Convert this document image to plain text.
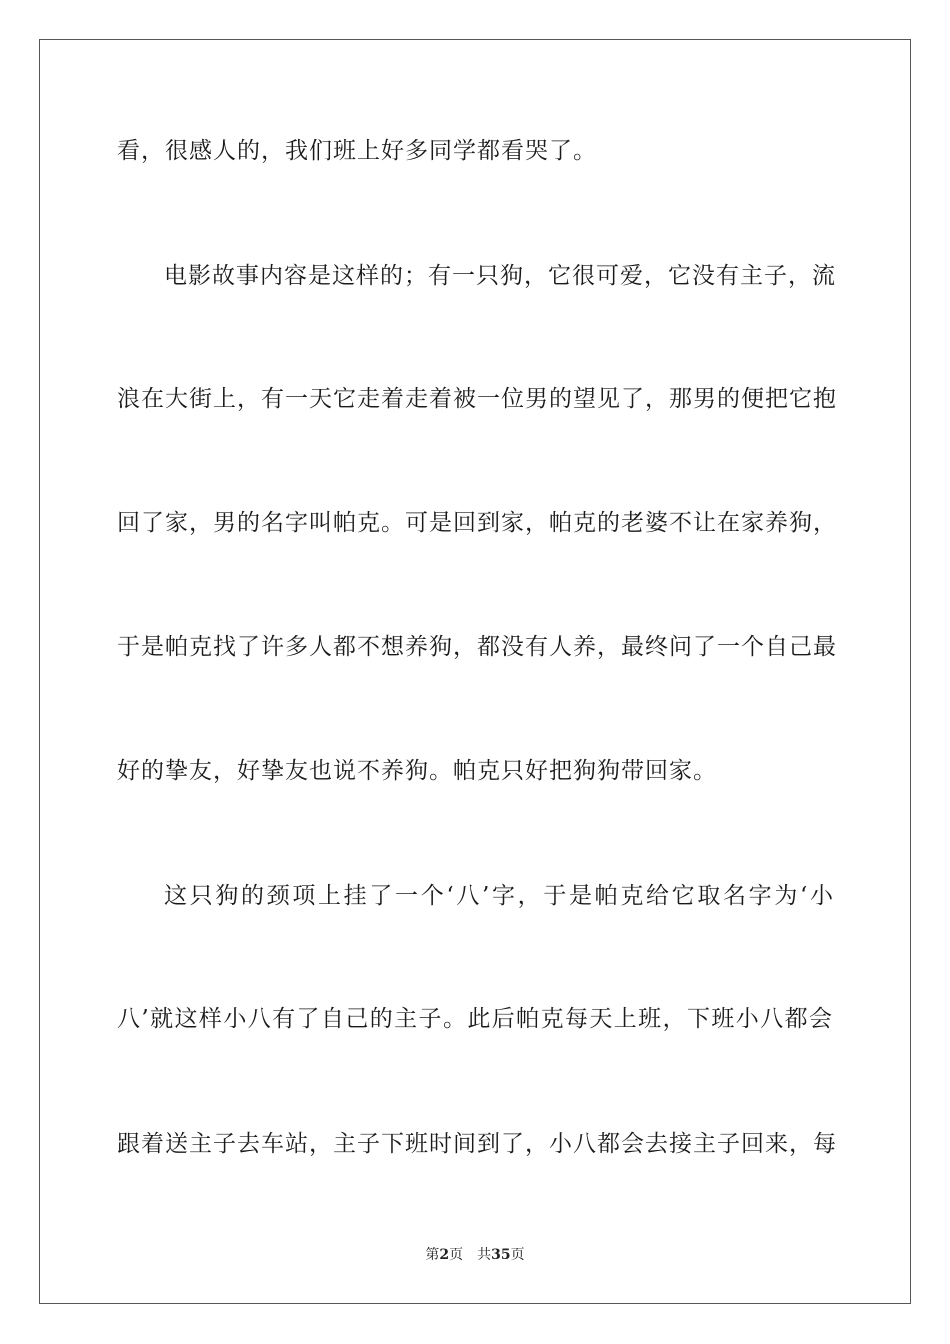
看，很感人的，我们班上好多同学都看哭了。
电影故事内容是这样的；有一只狗，它很可爱，它没有主子，流
浪在大街上，有一天它走着走着被一位男的望见了，那男的便把它抱
回了家，男的名字叫帕克。可是回到家，帕克的老婆不让在家养狗，
于是帕克找了许多人都不想养狗，都没有人养，最终问了一个自己最
好的挚友，好挚友也说不养狗。帕克只好把狗狗带回家。
这只狗的颈项上挂了一个‘八’字，于是帕克给它取名字为‘小
八’就这样小八有了自己的主子。此后帕克每天上班，下班小八都会
跟着送主子去车站，主子下班时间到了，小八都会去接主子回来，每
第2页 共35页
